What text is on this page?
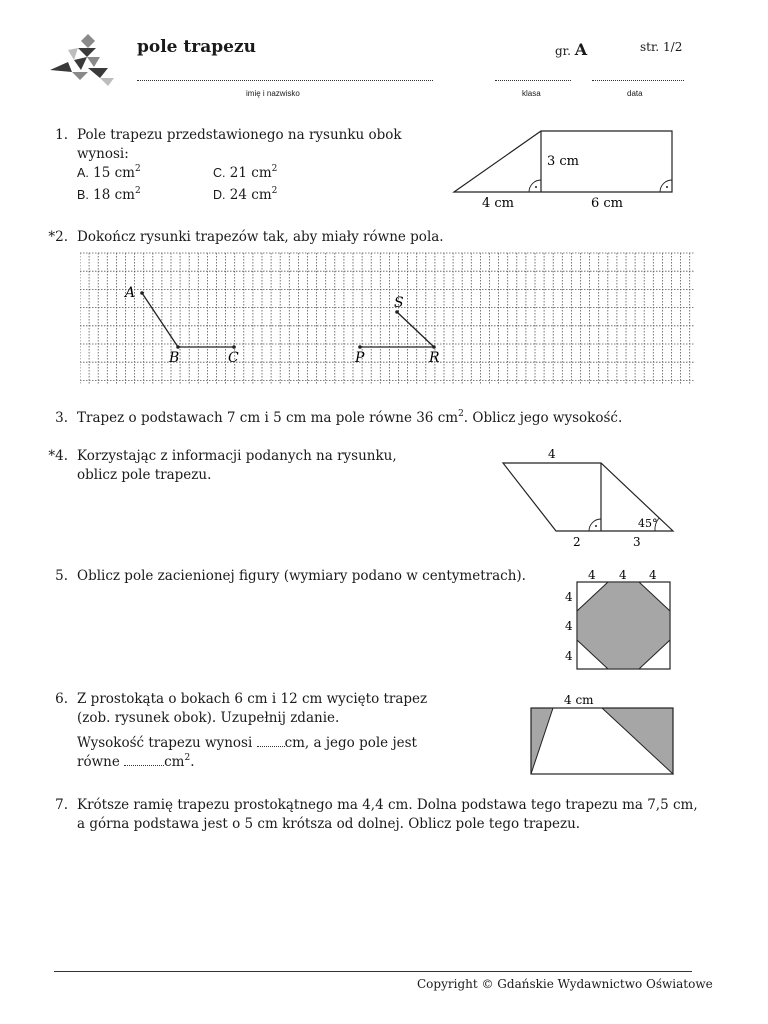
pole trapezu	gr. A	str. 1/2
imię i nazwisko	klasa	data
1. Pole trapezu przedstawionego na rysunku obok
wynosi:
A. 15 $cm^2$	C. 21 $cm^2$
B. 18 $cm^2$	D. 24 $cm^2$
3 cm
4 cm	6 cm
*2. Dokończ rysunki trapezów tak, aby miały równe pola.
A
B	C
S
P	R
3. Trapez o podstawach 7 cm i 5 cm ma pole równe 36 $cm^2$. Oblicz jego wysokość.
*4. Korzystając z informacji podanych na rysunku,
oblicz pole trapezu.
4
2	3
45°
5. Oblicz pole zacienionej figury (wymiary podano w centymetrach).	4 4 4
4
4
4
6. Z prostokąta o bokach 6 cm i 12 cm wycięto trapez
(zob. rysunek obok). Uzupełnij zdanie.
Wysokość trapezu wynosi cm, a jego pole jest
równe	$cm^2$.
4 cm
7. Krótsze ramię trapezu prostokątnego ma 4,4 cm. Dolna podstawa tego trapezu ma 7,5 cm,
a górna podstawa jest o 5 cm krótsza od dolnej. Oblicz pole tego trapezu.
Copyright © Gdańskie Wydawnictwo Oświatowe
